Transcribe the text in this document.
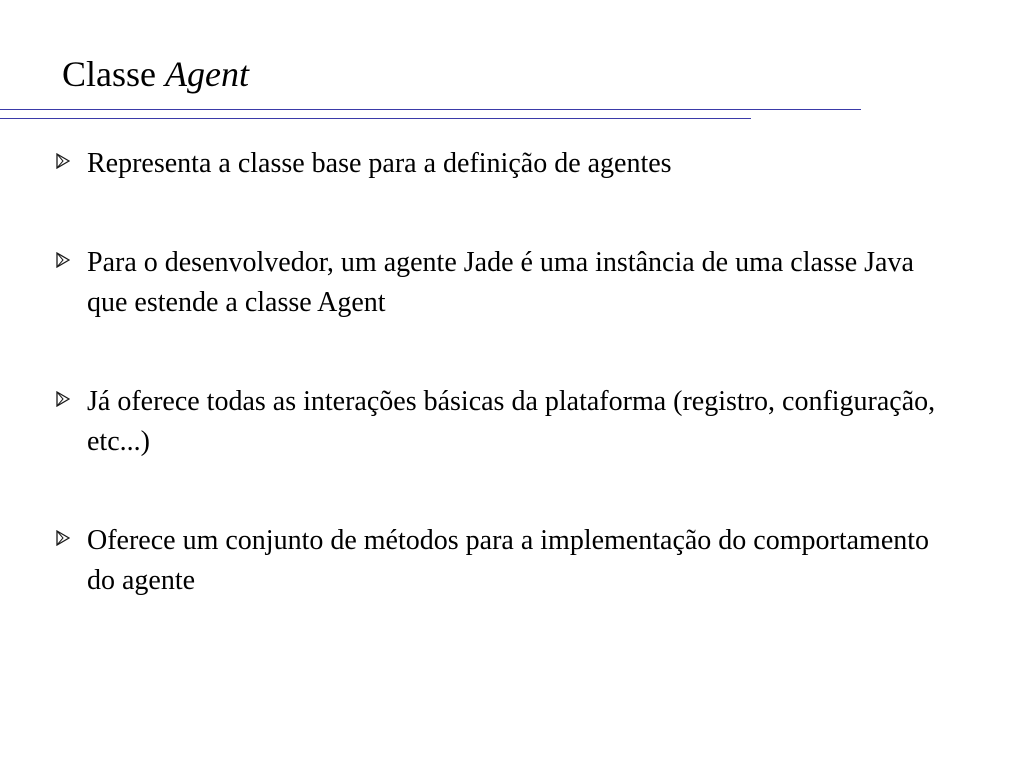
Classe Agent
Representa a classe base para a definição de agentes
Para o desenvolvedor, um agente Jade é uma instância de uma classe Java que estende a classe Agent
Já oferece todas as interações básicas da plataforma (registro, configuração, etc...)
Oferece um conjunto de métodos para a implementação do comportamento do agente
